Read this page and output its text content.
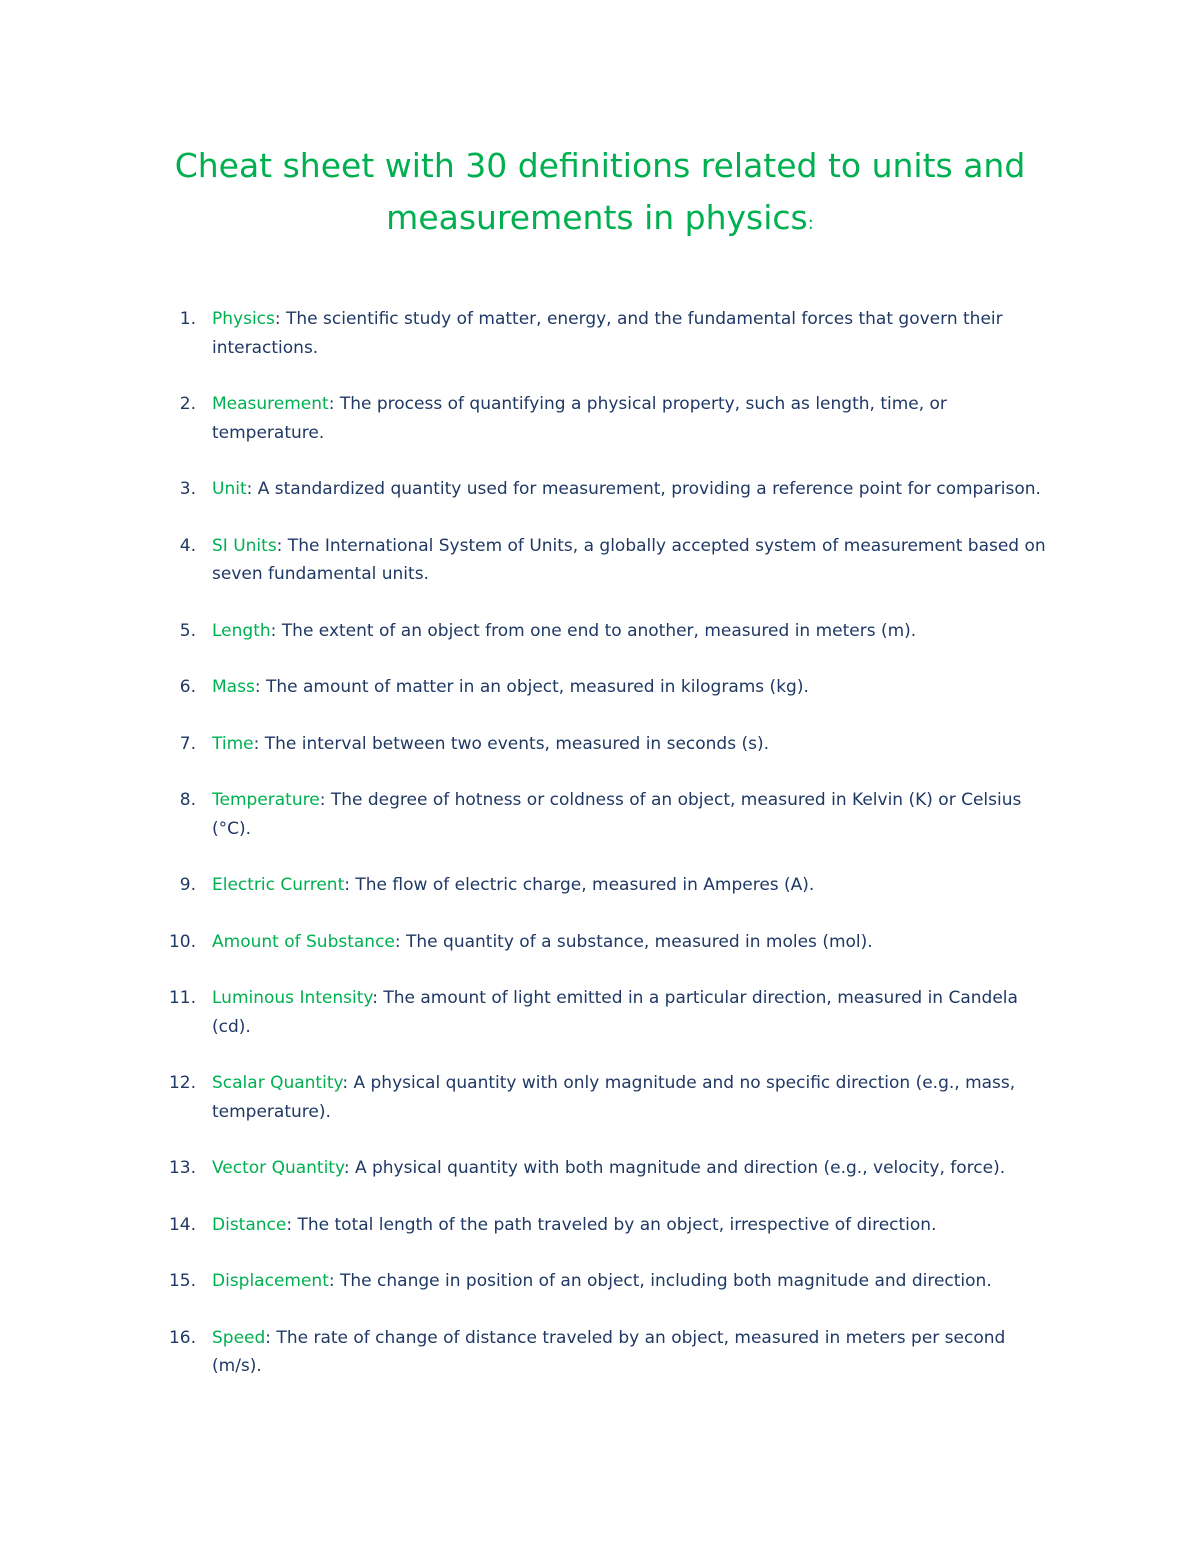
Cheat sheet with 30 definitions related to units and measurements in physics:
1. Physics: The scientific study of matter, energy, and the fundamental forces that govern their interactions.
2. Measurement: The process of quantifying a physical property, such as length, time, or temperature.
3. Unit: A standardized quantity used for measurement, providing a reference point for comparison.
4. SI Units: The International System of Units, a globally accepted system of measurement based on seven fundamental units.
5. Length: The extent of an object from one end to another, measured in meters (m).
6. Mass: The amount of matter in an object, measured in kilograms (kg).
7. Time: The interval between two events, measured in seconds (s).
8. Temperature: The degree of hotness or coldness of an object, measured in Kelvin (K) or Celsius (°C).
9. Electric Current: The flow of electric charge, measured in Amperes (A).
10. Amount of Substance: The quantity of a substance, measured in moles (mol).
11. Luminous Intensity: The amount of light emitted in a particular direction, measured in Candela (cd).
12. Scalar Quantity: A physical quantity with only magnitude and no specific direction (e.g., mass, temperature).
13. Vector Quantity: A physical quantity with both magnitude and direction (e.g., velocity, force).
14. Distance: The total length of the path traveled by an object, irrespective of direction.
15. Displacement: The change in position of an object, including both magnitude and direction.
16. Speed: The rate of change of distance traveled by an object, measured in meters per second (m/s).
